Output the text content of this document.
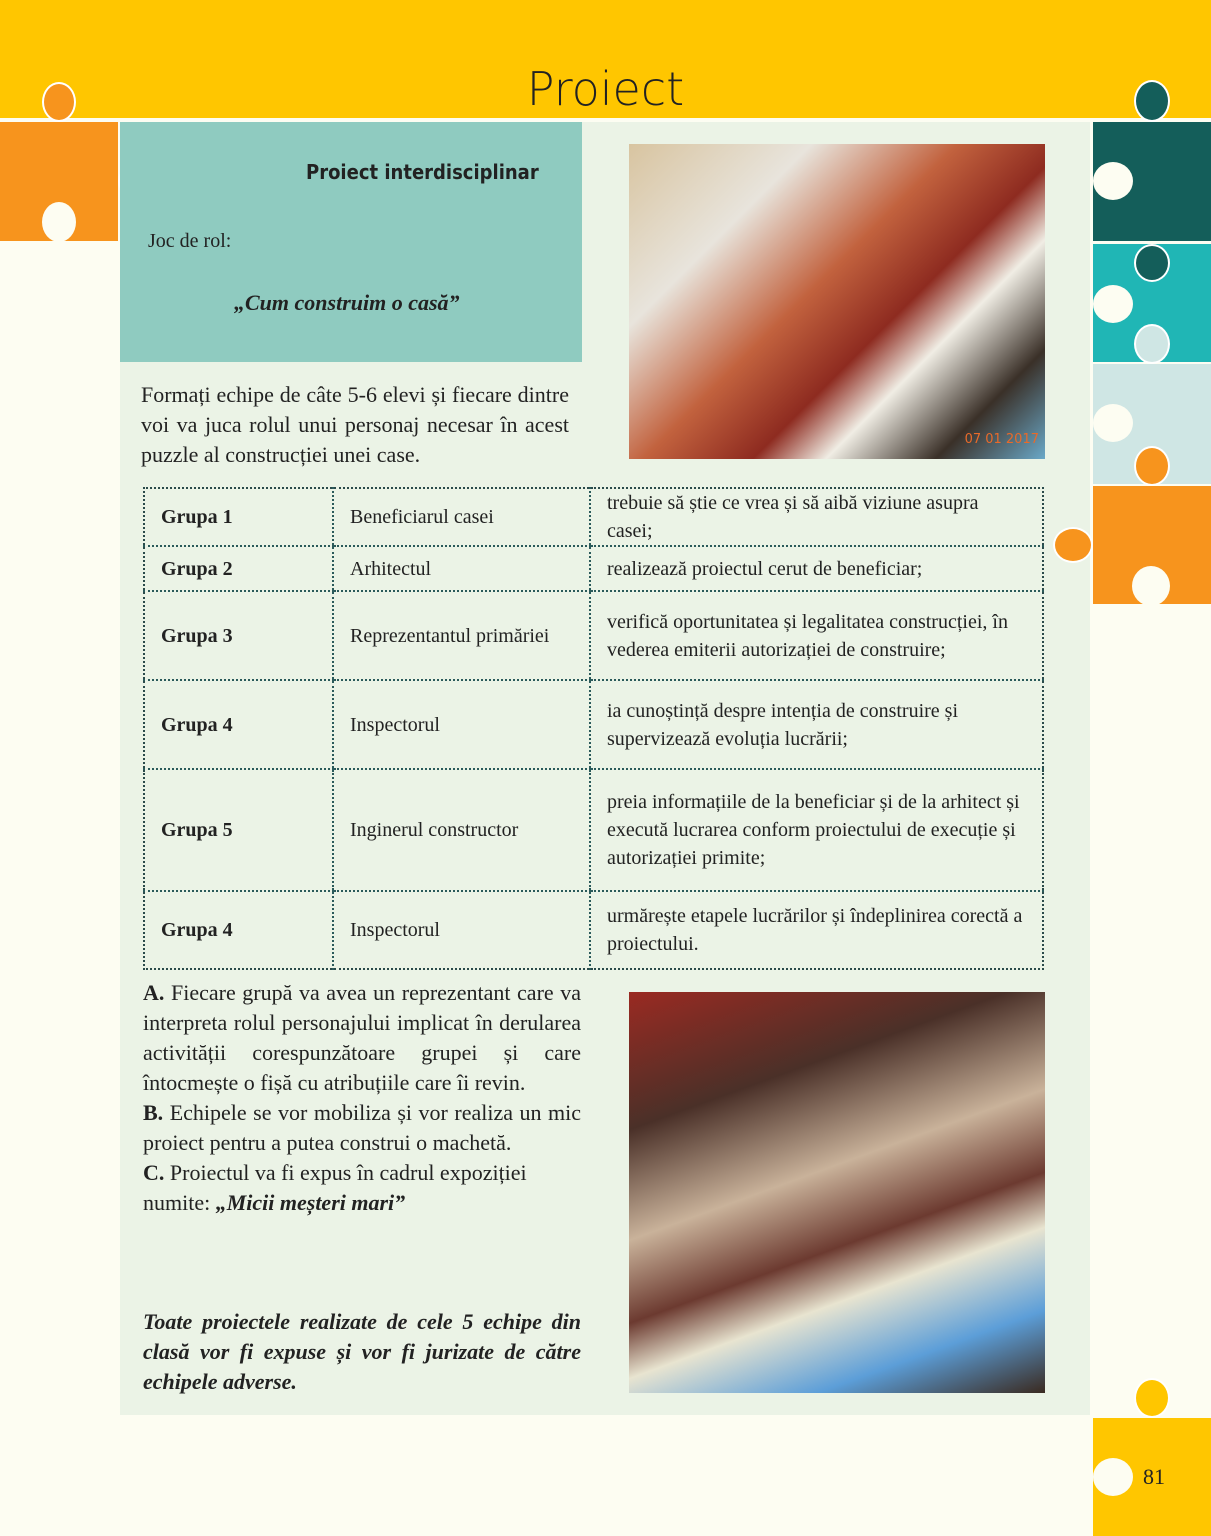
Proiect
Proiect interdisciplinar
Joc de rol:
„Cum construim o casă”
Formați echipe de câte 5-6 elevi și fiecare dintre voi va juca rolul unui personaj necesar în acest puzzle al construcției unei case.
07 01 2017
Grupa 1	Beneficiarul casei	trebuie să știe ce vrea și să aibă viziune asupra casei;
Grupa 2	Arhitectul	realizează proiectul cerut de beneficiar;
Grupa 3	Reprezentantul primăriei	verifică oportunitatea și legalitatea construcției, în vederea emiterii autorizației de construire;
Grupa 4	Inspectorul	ia cunoștință despre intenția de construire și supervizează evoluția lucrării;
Grupa 5	Inginerul constructor	preia informațiile de la beneficiar și de la arhitect și execută lucrarea conform proiectului de execuție și autorizației primite;
Grupa 4	Inspectorul	urmărește etapele lucrărilor și îndeplinirea corectă a proiectului.
A. Fiecare grupă va avea un reprezentant care va interpreta rolul personajului implicat în derularea activității corespunzătoare grupei și care întocmește o fișă cu atribuțiile care îi revin.
B. Echipele se vor mobiliza și vor realiza un mic proiect pentru a putea construi o machetă.
C. Proiectul va fi expus în cadrul expoziției numite: „Micii meșteri mari”
Toate proiectele realizate de cele 5 echipe din clasă vor fi expuse și vor fi jurizate de către echipele adverse.
81
